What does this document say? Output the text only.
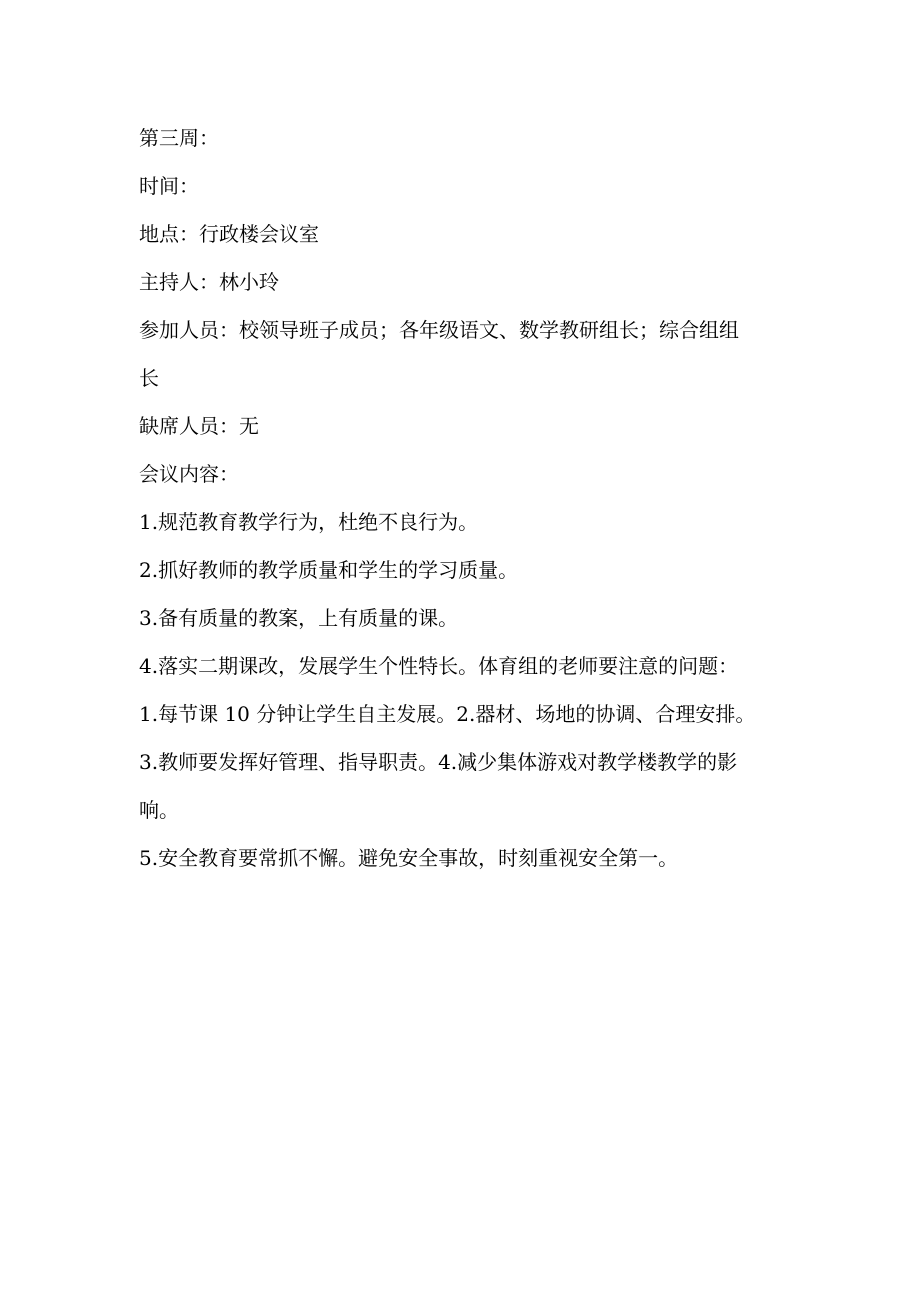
第三周：
时间：
地点：行政楼会议室
主持人：林小玲
参加人员：校领导班子成员；各年级语文、数学教研组长；综合组组
长
缺席人员：无
会议内容：
1.规范教育教学行为，杜绝不良行为。
2.抓好教师的教学质量和学生的学习质量。
3.备有质量的教案，上有质量的课。
4.落实二期课改，发展学生个性特长。体育组的老师要注意的问题：
1.每节课 10 分钟让学生自主发展。2.器材、场地的协调、合理安排。
3.教师要发挥好管理、指导职责。4.减少集体游戏对教学楼教学的影
响。
5.安全教育要常抓不懈。避免安全事故，时刻重视安全第一。
